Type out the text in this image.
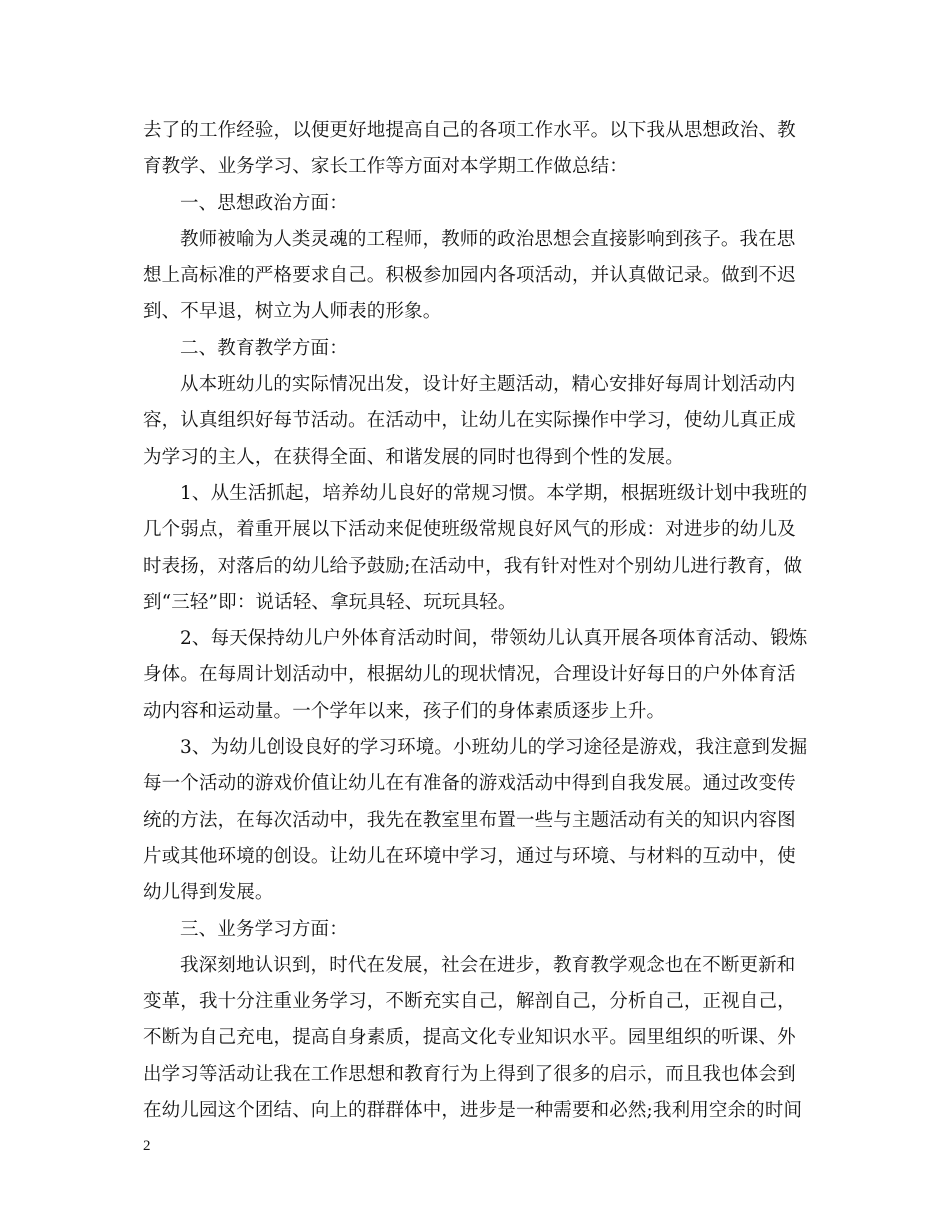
去了的工作经验，以便更好地提高自己的各项工作水平。以下我从思想政治、教
育教学、业务学习、家长工作等方面对本学期工作做总结：
一、思想政治方面：
教师被喻为人类灵魂的工程师，教师的政治思想会直接影响到孩子。我在思
想上高标准的严格要求自己。积极参加园内各项活动，并认真做记录。做到不迟
到、不早退，树立为人师表的形象。
二、教育教学方面：
从本班幼儿的实际情况出发，设计好主题活动，精心安排好每周计划活动内
容，认真组织好每节活动。在活动中，让幼儿在实际操作中学习，使幼儿真正成
为学习的主人，在获得全面、和谐发展的同时也得到个性的发展。
1、从生活抓起，培养幼儿良好的常规习惯。本学期，根据班级计划中我班的
几个弱点，着重开展以下活动来促使班级常规良好风气的形成：对进步的幼儿及
时表扬，对落后的幼儿给予鼓励;在活动中，我有针对性对个别幼儿进行教育，做
到“三轻”即：说话轻、拿玩具轻、玩玩具轻。
2、每天保持幼儿户外体育活动时间，带领幼儿认真开展各项体育活动、锻炼
身体。在每周计划活动中，根据幼儿的现状情况，合理设计好每日的户外体育活
动内容和运动量。一个学年以来，孩子们的身体素质逐步上升。
3、为幼儿创设良好的学习环境。小班幼儿的学习途径是游戏，我注意到发掘
每一个活动的游戏价值让幼儿在有准备的游戏活动中得到自我发展。通过改变传
统的方法，在每次活动中，我先在教室里布置一些与主题活动有关的知识内容图
片或其他环境的创设。让幼儿在环境中学习，通过与环境、与材料的互动中，使
幼儿得到发展。
三、业务学习方面：
我深刻地认识到，时代在发展，社会在进步，教育教学观念也在不断更新和
变革，我十分注重业务学习，不断充实自己，解剖自己，分析自己，正视自己，
不断为自己充电，提高自身素质，提高文化专业知识水平。园里组织的听课、外
出学习等活动让我在工作思想和教育行为上得到了很多的启示，而且我也体会到
在幼儿园这个团结、向上的群群体中，进步是一种需要和必然;我利用空余的时间
2
